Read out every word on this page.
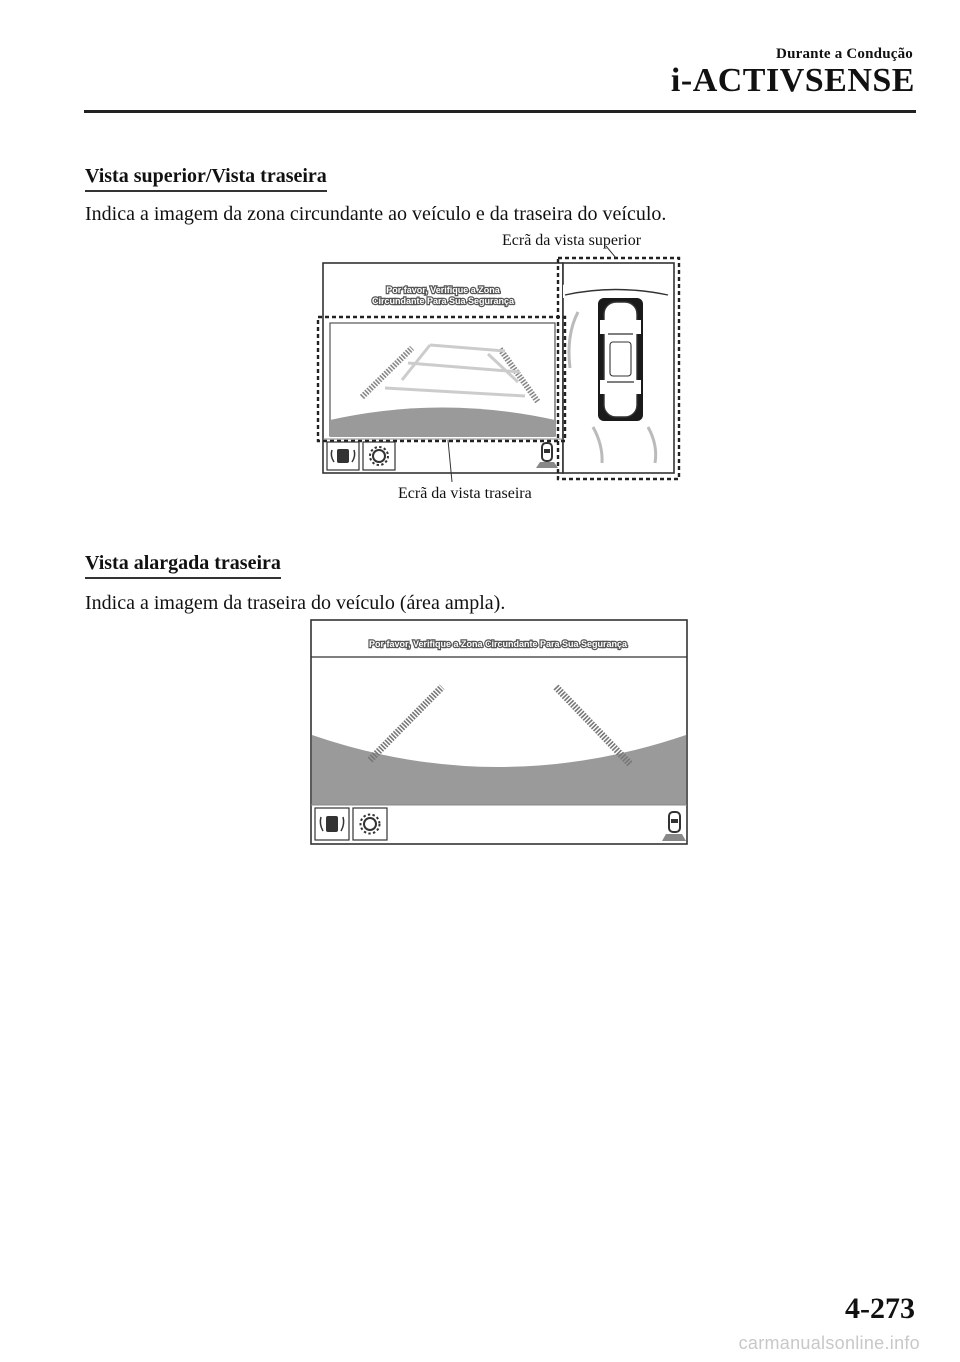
Durante a Condução
i-ACTIVSENSE
Vista superior/Vista traseira
Indica a imagem da zona circundante ao veículo e da traseira do veículo.
Ecrã da vista superior
Por favor, Verifique a Zona
Circundante Para Sua Segurança
Ecrã da vista traseira
Vista alargada traseira
Indica a imagem da traseira do veículo (área ampla).
Por favor, Verifique a Zona Circundante Para Sua Segurança
4-273
carmanualsonline.info
